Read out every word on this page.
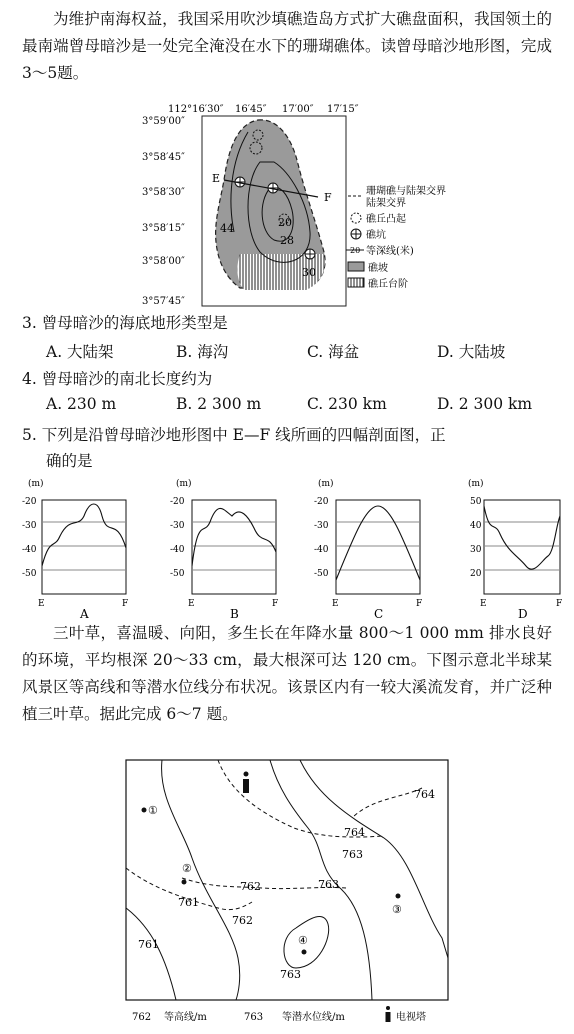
为维护南海权益，我国采用吹沙填礁造岛方式扩大礁盘面积，我国领土的最南端曾母暗沙是一处完全淹没在水下的珊瑚礁体。读曾母暗沙地形图，完成3～5题。
112°16′30″ 16′45″ 17′00″ 17′15″
3°59′00″
3°58′45″
3°58′30″
3°58′15″
3°58′00″
3°57′45″
E
F
20
28
30
44
珊瑚礁与陆架交界
陆架交界
礁丘凸起
礁坑
20 等深线(米)
礁坡
礁丘台阶
3. 曾母暗沙的海底地形类型是
A. 大陆架	B. 海沟	C. 海盆	D. 大陆坡
4. 曾母暗沙的南北长度约为
A. 230 m	B. 2 300 m	C. 230 km	D. 2 300 km
5. 下列是沿曾母暗沙地形图中 E—F 线所画的四幅剖面图，正
确的是
(m)
-20
-30
-40
-50
E	F
A
(m)
-20
-30
-40
-50
E	F
B
(m)
-20
-30
-40
-50
E	F
C
(m)
50
40
30
20
E	F
D
三叶草，喜温暖、向阳，多生长在年降水量 800～1 000 mm 排水良好的环境，平均根深 20～33 cm，最大根深可达 120 cm。下图示意北半球某风景区等高线和等潜水位线分布状况。该景区内有一较大溪流发育，并广泛种植三叶草。据此完成 6～7 题。
①
②
③
④
764
764
763
763
762
762
761
761
763
762 等高线/m	763 等潜水位线/m	电视塔
